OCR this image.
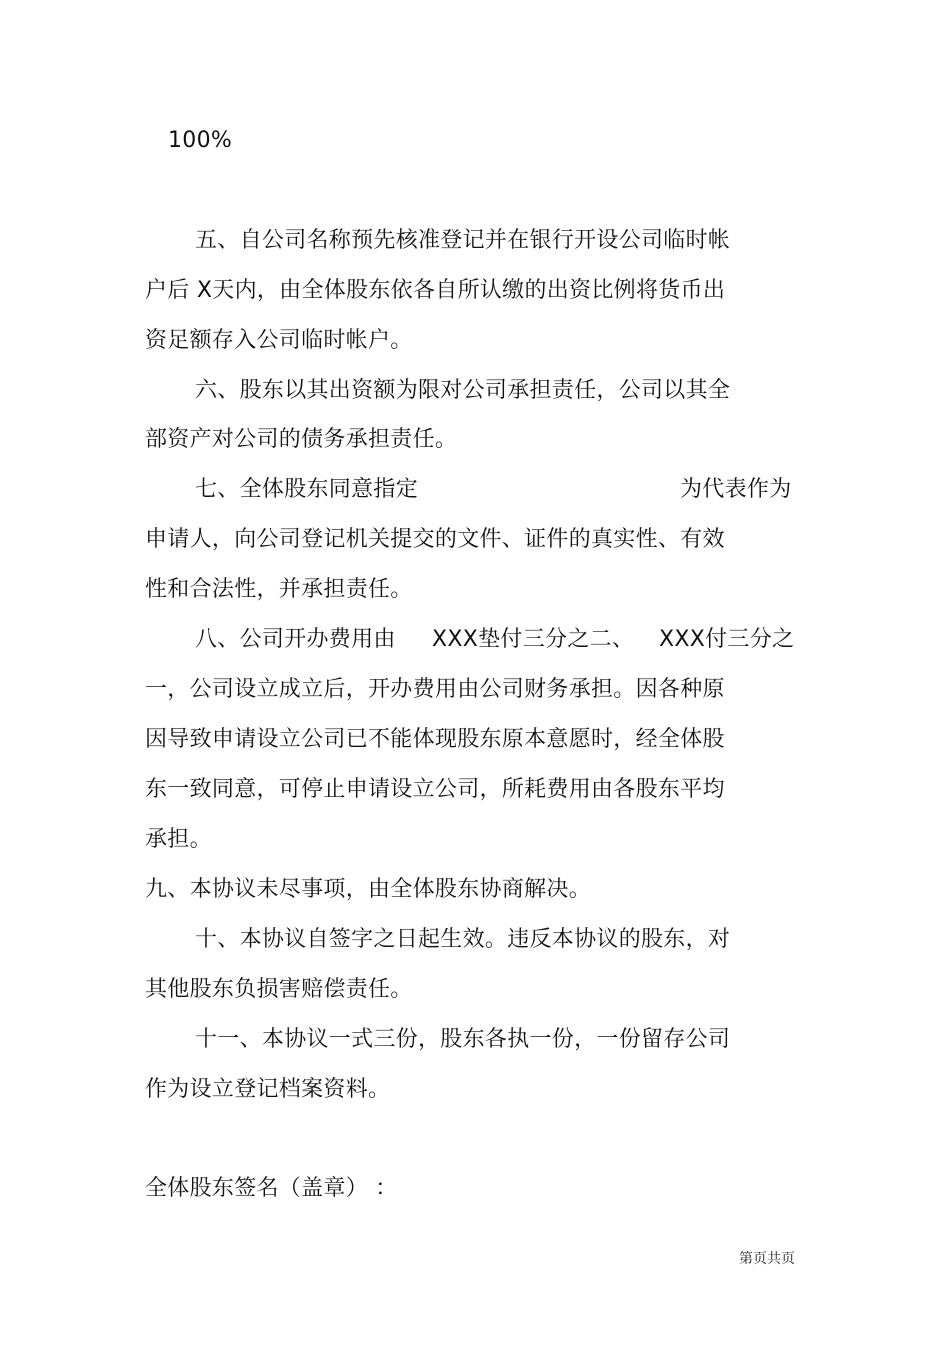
100%
五、自公司名称预先核准登记并在银行开设公司临时帐
户后 X天内，由全体股东依各自所认缴的出资比例将货币出
资足额存入公司临时帐户。
六、股东以其出资额为限对公司承担责任，公司以其全
部资产对公司的债务承担责任。
七、全体股东同意指定	为代表作为
申请人，向公司登记机关提交的文件、证件的真实性、有效
性和合法性，并承担责任。
八、公司开办费用由 XXX垫付三分之二、 XXX付三分之
一，公司设立成立后，开办费用由公司财务承担。因各种原
因导致申请设立公司已不能体现股东原本意愿时，经全体股
东一致同意，可停止申请设立公司，所耗费用由各股东平均
承担。
九、本协议未尽事项，由全体股东协商解决。
十、本协议自签字之日起生效。违反本协议的股东，对
其他股东负损害赔偿责任。
十一、本协议一式三份，股东各执一份，一份留存公司
作为设立登记档案资料。
全体股东签名（盖章） ：
第页共页
